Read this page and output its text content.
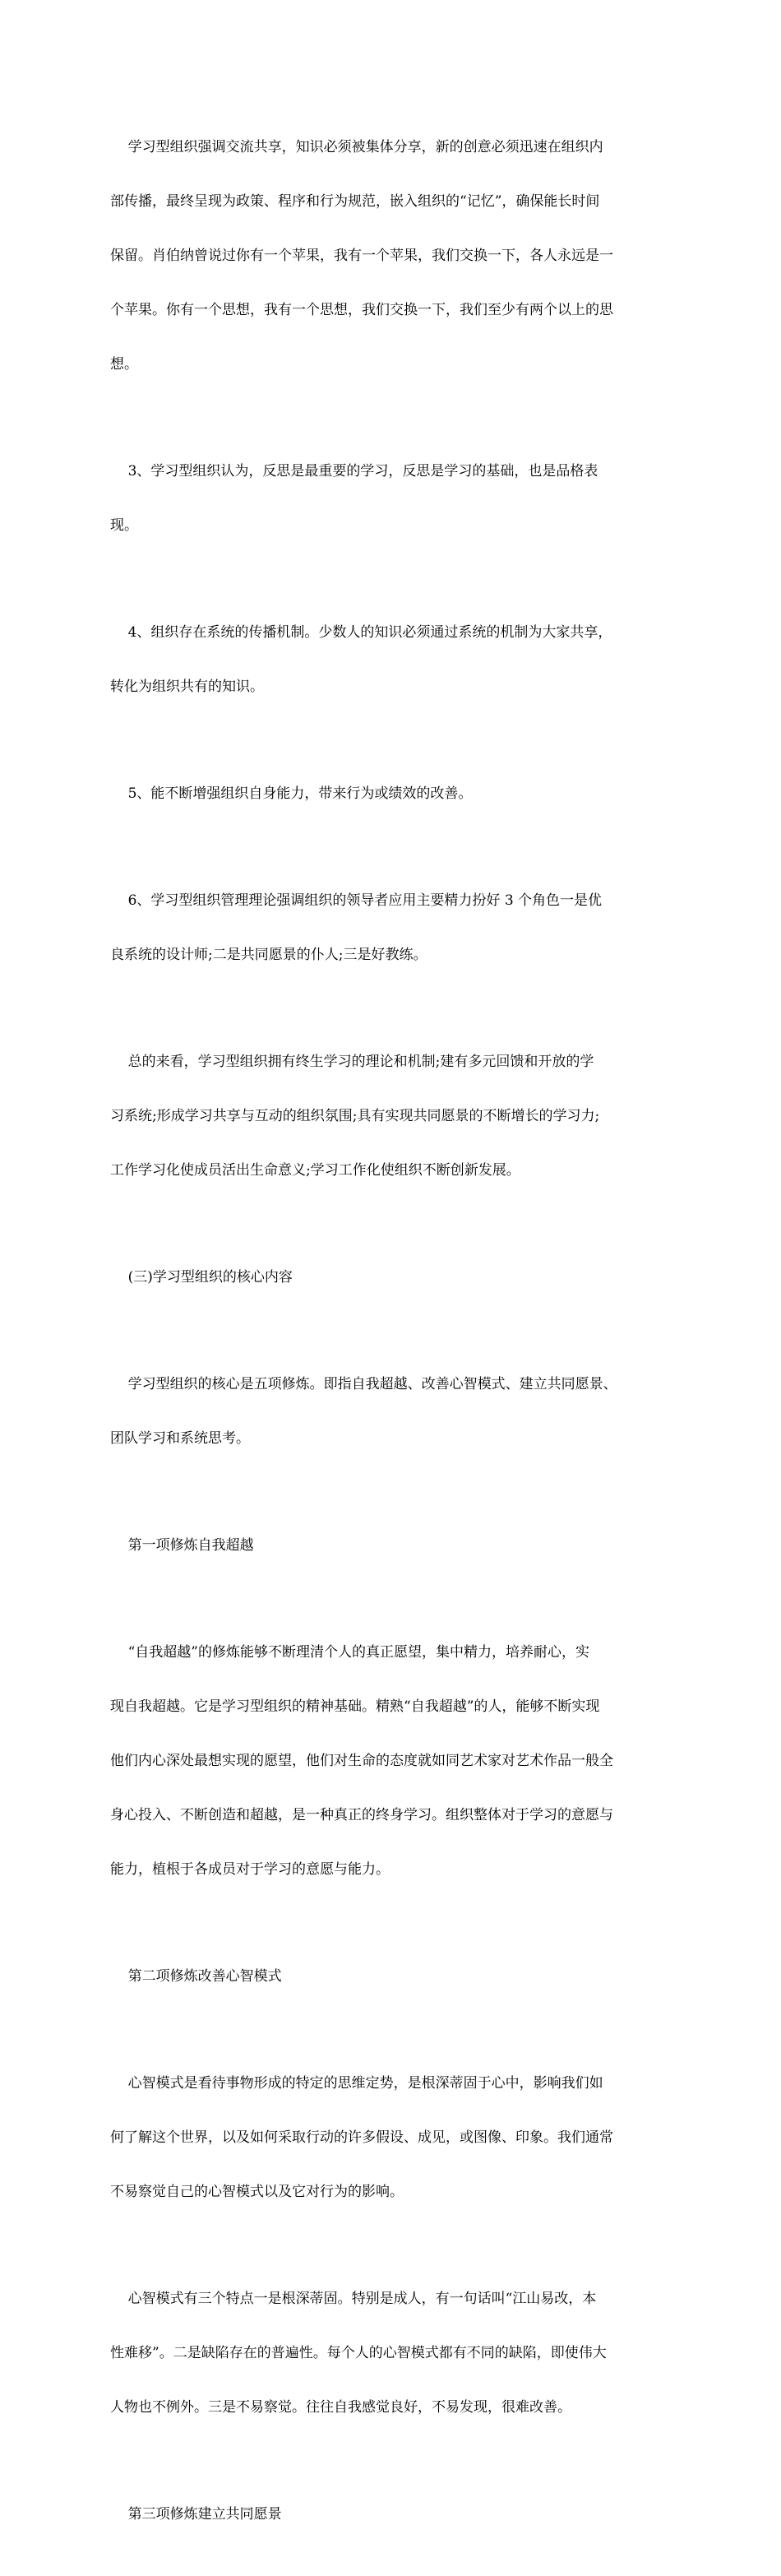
学习型组织强调交流共享，知识必须被集体分享，新的创意必须迅速在组织内

部传播，最终呈现为政策、程序和行为规范，嵌入组织的“记忆”，确保能长时间

保留。肖伯纳曾说过你有一个苹果，我有一个苹果，我们交换一下，各人永远是一

个苹果。你有一个思想，我有一个思想，我们交换一下，我们至少有两个以上的思

想。

3、学习型组织认为，反思是最重要的学习，反思是学习的基础，也是品格表

现。

4、组织存在系统的传播机制。少数人的知识必须通过系统的机制为大家共享，

转化为组织共有的知识。

5、能不断增强组织自身能力，带来行为或绩效的改善。

6、学习型组织管理理论强调组织的领导者应用主要精力扮好 3 个角色一是优

良系统的设计师;二是共同愿景的仆人;三是好教练。

总的来看，学习型组织拥有终生学习的理论和机制;建有多元回馈和开放的学

习系统;形成学习共享与互动的组织氛围;具有实现共同愿景的不断增长的学习力;

工作学习化使成员活出生命意义;学习工作化使组织不断创新发展。

(三)学习型组织的核心内容

学习型组织的核心是五项修炼。即指自我超越、改善心智模式、建立共同愿景、

团队学习和系统思考。

第一项修炼自我超越

“自我超越”的修炼能够不断理清个人的真正愿望，集中精力，培养耐心，实

现自我超越。它是学习型组织的精神基础。精熟“自我超越”的人，能够不断实现

他们内心深处最想实现的愿望，他们对生命的态度就如同艺术家对艺术作品一般全

身心投入、不断创造和超越，是一种真正的终身学习。组织整体对于学习的意愿与

能力，植根于各成员对于学习的意愿与能力。

第二项修炼改善心智模式

心智模式是看待事物形成的特定的思维定势，是根深蒂固于心中，影响我们如

何了解这个世界，以及如何采取行动的许多假设、成见，或图像、印象。我们通常

不易察觉自己的心智模式以及它对行为的影响。

心智模式有三个特点一是根深蒂固。特别是成人，有一句话叫“江山易改，本

性难移”。二是缺陷存在的普遍性。每个人的心智模式都有不同的缺陷，即使伟大

人物也不例外。三是不易察觉。往往自我感觉良好，不易发现，很难改善。

第三项修炼建立共同愿景
